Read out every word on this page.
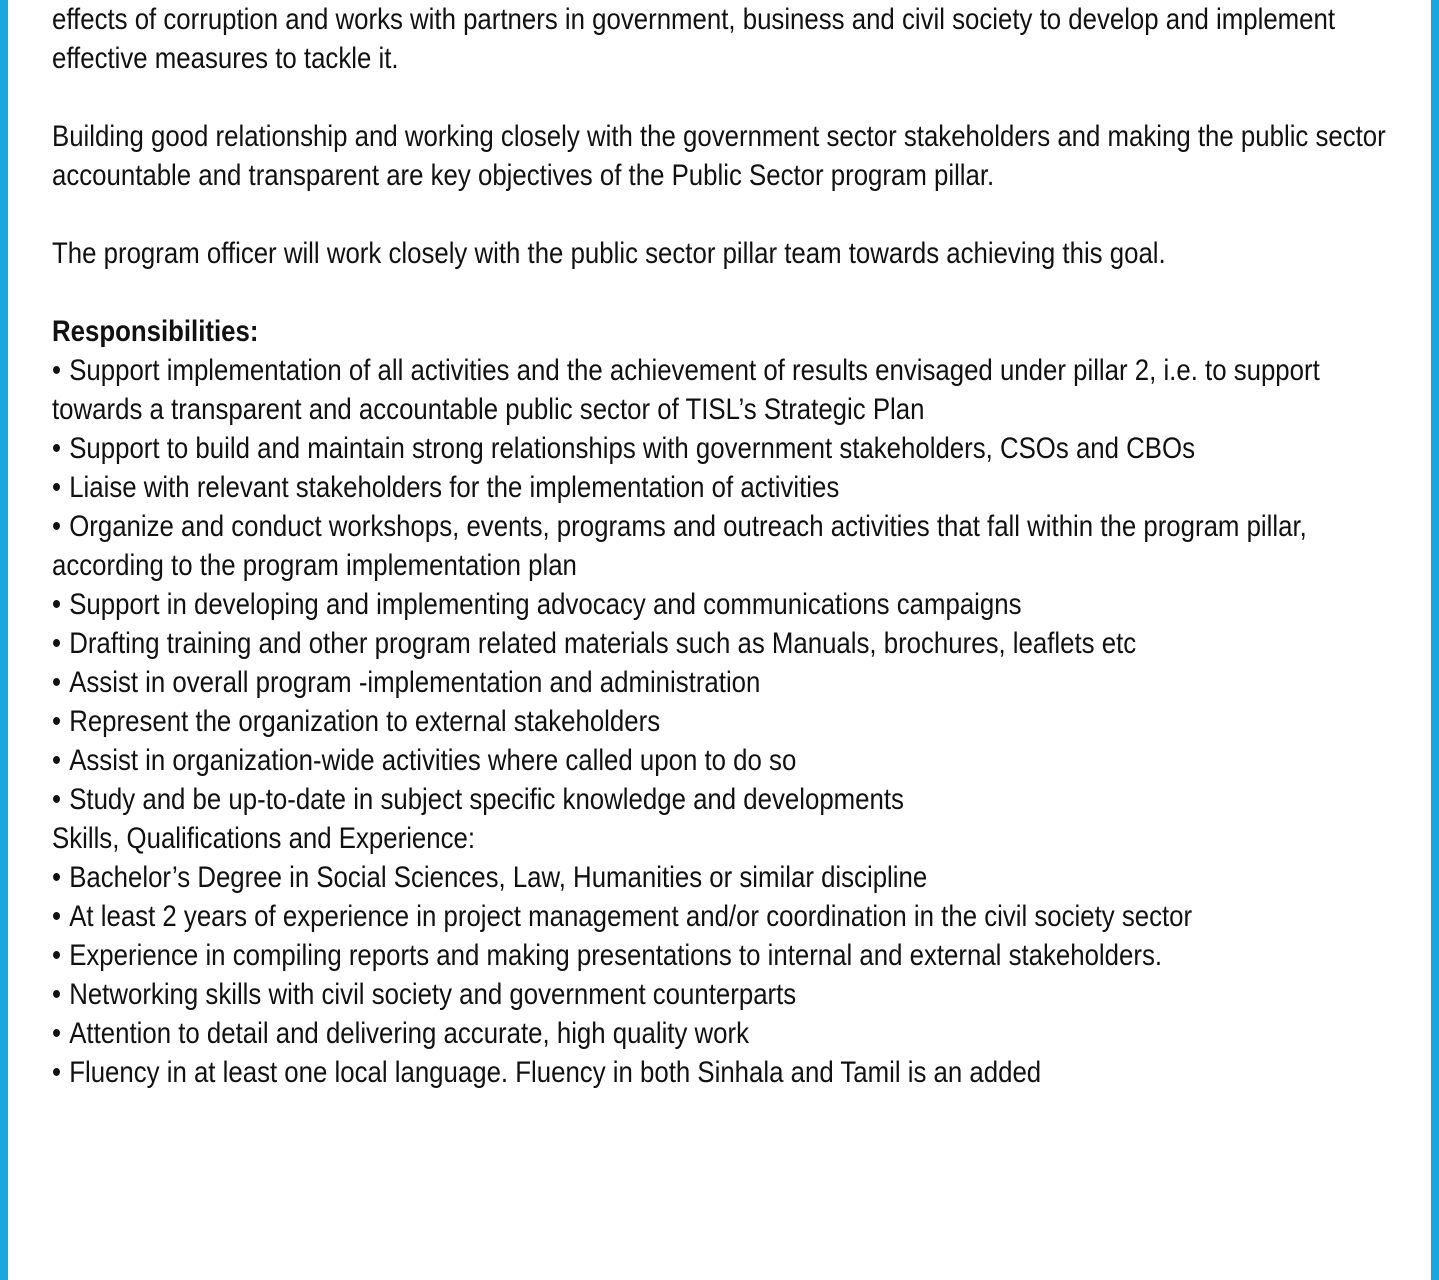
effects of corruption and works with partners in government, business and civil society to develop and implement effective measures to tackle it.

Building good relationship and working closely with the government sector stakeholders and making the public sector accountable and transparent are key objectives of the Public Sector program pillar.

The program officer will work closely with the public sector pillar team towards achieving this goal.

Responsibilities:

• Support implementation of all activities and the achievement of results envisaged under pillar 2, i.e. to support towards a transparent and accountable public sector of TISL’s Strategic Plan

• Support to build and maintain strong relationships with government stakeholders, CSOs and CBOs

• Liaise with relevant stakeholders for the implementation of activities

• Organize and conduct workshops, events, programs and outreach activities that fall within the program pillar, according to the program implementation plan

• Support in developing and implementing advocacy and communications campaigns

• Drafting training and other program related materials such as Manuals, brochures, leaflets etc

• Assist in overall program -implementation and administration

• Represent the organization to external stakeholders

• Assist in organization-wide activities where called upon to do so

• Study and be up-to-date in subject specific knowledge and developments

Skills, Qualifications and Experience:

• Bachelor’s Degree in Social Sciences, Law, Humanities or similar discipline

• At least 2 years of experience in project management and/or coordination in the civil society sector

• Experience in compiling reports and making presentations to internal and external stakeholders.

• Networking skills with civil society and government counterparts

• Attention to detail and delivering accurate, high quality work

• Fluency in at least one local language. Fluency in both Sinhala and Tamil is an added
